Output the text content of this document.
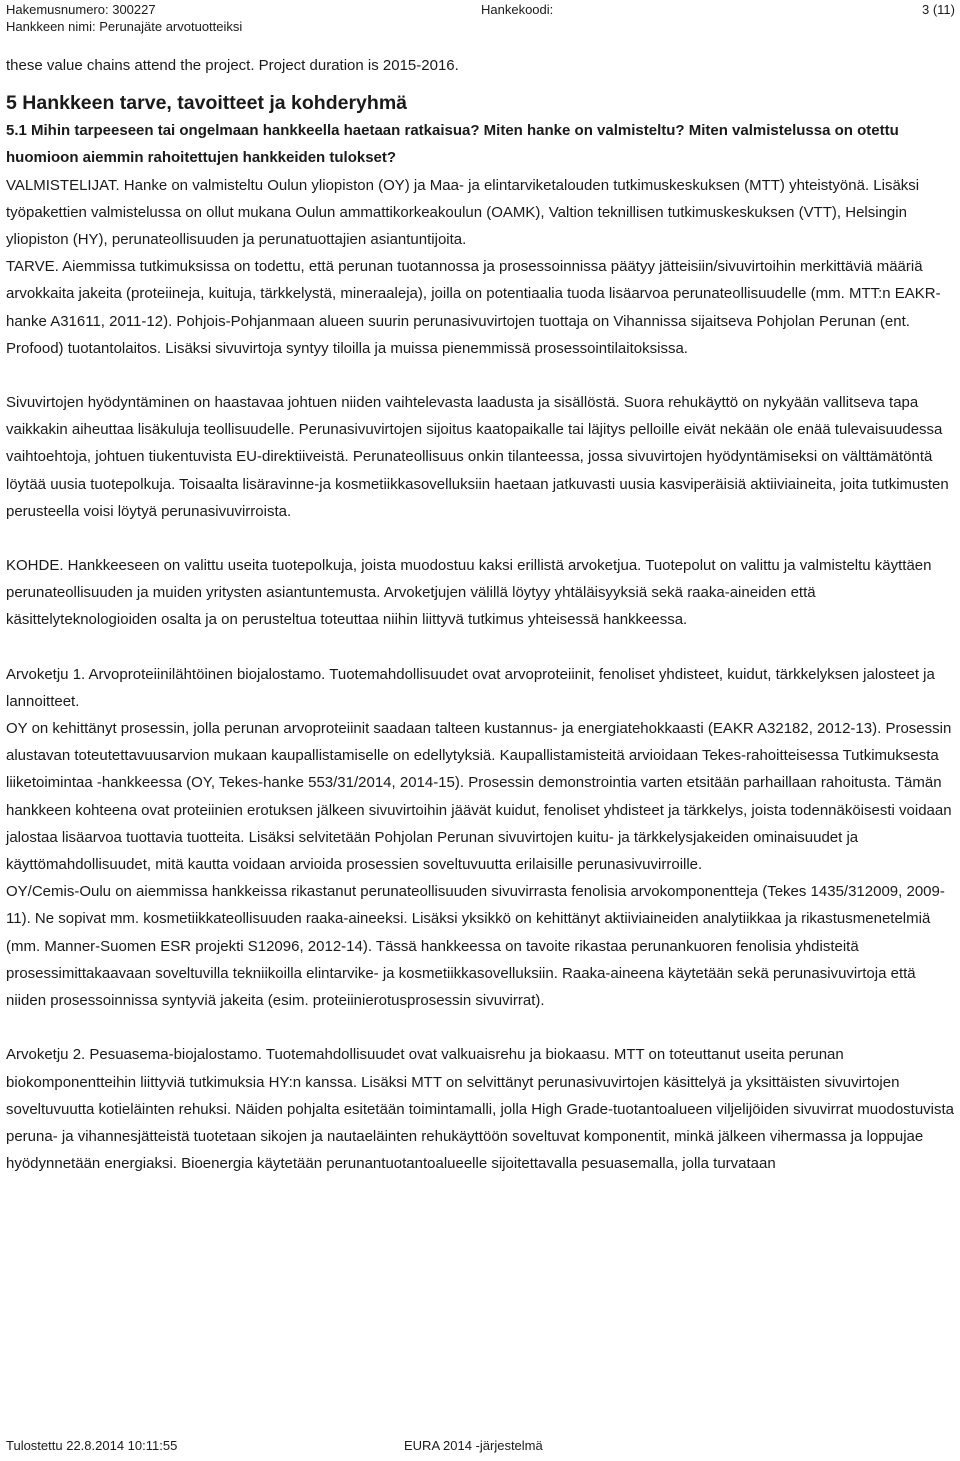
Hakemusnumero: 300227
Hankkeen nimi: Perunajäte arvotuotteiksi
Hankekoodi:	3 (11)

these value chains attend the project. Project duration is 2015-2016.

5 Hankkeen tarve, tavoitteet ja kohderyhmä

5.1 Mihin tarpeeseen tai ongelmaan hankkeella haetaan ratkaisua? Miten hanke on valmisteltu? Miten valmistelussa on otettu huomioon aiemmin rahoitettujen hankkeiden tulokset?

VALMISTELIJAT. Hanke on valmisteltu Oulun yliopiston (OY) ja Maa- ja elintarviketalouden tutkimuskeskuksen (MTT) yhteistyönä. Lisäksi työpakettien valmistelussa on ollut mukana Oulun ammattikorkeakoulun (OAMK), Valtion teknillisen tutkimuskeskuksen (VTT), Helsingin yliopiston (HY), perunateollisuuden ja perunatuottajien asiantuntijoita.

TARVE. Aiemmissa tutkimuksissa on todettu, että perunan tuotannossa ja prosessoinnissa päätyy jätteisiin/sivuvirtoihin merkittäviä määriä arvokkaita jakeita (proteiineja, kuituja, tärkkelystä, mineraaleja), joilla on potentiaalia tuoda lisäarvoa perunateollisuudelle (mm. MTT:n EAKR-hanke A31611, 2011-12). Pohjois-Pohjanmaan alueen suurin perunasivuvirtojen tuottaja on Vihannissa sijaitseva Pohjolan Perunan (ent. Profood) tuotantolaitos. Lisäksi sivuvirtoja syntyy tiloilla ja muissa pienemmissä prosessointilaitoksissa.

Sivuvirtojen hyödyntäminen on haastavaa johtuen niiden vaihtelevasta laadusta ja sisällöstä. Suora rehukäyttö on nykyään vallitseva tapa vaikkakin aiheuttaa lisäkuluja teollisuudelle. Perunasivuvirtojen sijoitus kaatopaikalle tai läjitys pelloille eivät nekään ole enää tulevaisuudessa vaihtoehtoja, johtuen tiukentuvista EU-direktiiveistä. Perunateollisuus onkin tilanteessa, jossa sivuvirtojen hyödyntämiseksi on välttämätöntä löytää uusia tuotepolkuja. Toisaalta lisäravinne-ja kosmetiikkasovelluksiin haetaan jatkuvasti uusia kasviperäisiä aktiiviaineita, joita tutkimusten perusteella voisi löytyä perunasivuvirroista.

KOHDE. Hankkeeseen on valittu useita tuotepolkuja, joista muodostuu kaksi erillistä arvoketjua. Tuotepolut on valittu ja valmisteltu käyttäen perunateollisuuden ja muiden yritysten asiantuntemusta. Arvoketjujen välillä löytyy yhtäläisyyksiä sekä raaka-aineiden että käsittelyteknologioiden osalta ja on perusteltua toteuttaa niihin liittyvä tutkimus yhteisessä hankkeessa.

Arvoketju 1. Arvoproteiinilähtöinen biojalostamo. Tuotemahdollisuudet ovat arvoproteiinit, fenoliset yhdisteet, kuidut, tärkkelyksen jalosteet ja lannoitteet.

OY on kehittänyt prosessin, jolla perunan arvoproteiinit saadaan talteen kustannus- ja energiatehokkaasti (EAKR A32182, 2012-13). Prosessin alustavan toteutettavuusarvion mukaan kaupallistamiselle on edellytyksiä. Kaupallistamisteitä arvioidaan Tekes-rahoitteisessa Tutkimuksesta liiketoimintaa -hankkeessa (OY, Tekes-hanke 553/31/2014, 2014-15). Prosessin demonstrointia varten etsitään parhaillaan rahoitusta. Tämän hankkeen kohteena ovat proteiinien erotuksen jälkeen sivuvirtoihin jäävät kuidut, fenoliset yhdisteet ja tärkkelys, joista todennäköisesti voidaan jalostaa lisäarvoa tuottavia tuotteita. Lisäksi selvitetään Pohjolan Perunan sivuvirtojen kuitu- ja tärkkelysjakeiden ominaisuudet ja käyttömahdollisuudet, mitä kautta voidaan arvioida prosessien soveltuvuutta erilaisille perunasivuvirroille.

OY/Cemis-Oulu on aiemmissa hankkeissa rikastanut perunateollisuuden sivuvirrasta fenolisia arvokomponentteja (Tekes 1435/312009, 2009-11). Ne sopivat mm. kosmetiikkateollisuuden raaka-aineeksi. Lisäksi yksikkö on kehittänyt aktiiviaineiden analytiikkaa ja rikastusmenetelmiä (mm. Manner-Suomen ESR projekti S12096, 2012-14). Tässä hankkeessa on tavoite rikastaa perunankuoren fenolisia yhdisteitä prosessimittakaavaan soveltuvilla tekniikoilla elintarvike- ja kosmetiikkasovelluksiin. Raaka-aineena käytetään sekä perunasivuvirtoja että niiden prosessoinnissa syntyviä jakeita (esim. proteiinierotusprosessin sivuvirrat).

Arvoketju 2. Pesuasema-biojalostamo. Tuotemahdollisuudet ovat valkuaisrehu ja biokaasu. MTT on toteuttanut useita perunan biokomponentteihin liittyviä tutkimuksia HY:n kanssa. Lisäksi MTT on selvittänyt perunasivuvirtojen käsittelyä ja yksittäisten sivuvirtojen soveltuvuutta kotieläinten rehuksi. Näiden pohjalta esitetään toimintamalli, jolla High Grade-tuotantoalueen viljelijöiden sivuvirrat muodostuvista peruna- ja vihannesjätteistä tuotetaan sikojen ja nautaeläinten rehukäyttöön soveltuvat komponentit, minkä jälkeen vihermassa ja loppujae hyödynnetään energiaksi. Bioenergia käytetään perunantuotantoalueelle sijoitettavalla pesuasemalla, jolla turvataan

Tulostettu 22.8.2014 10:11:55	EURA 2014 -järjestelmä
